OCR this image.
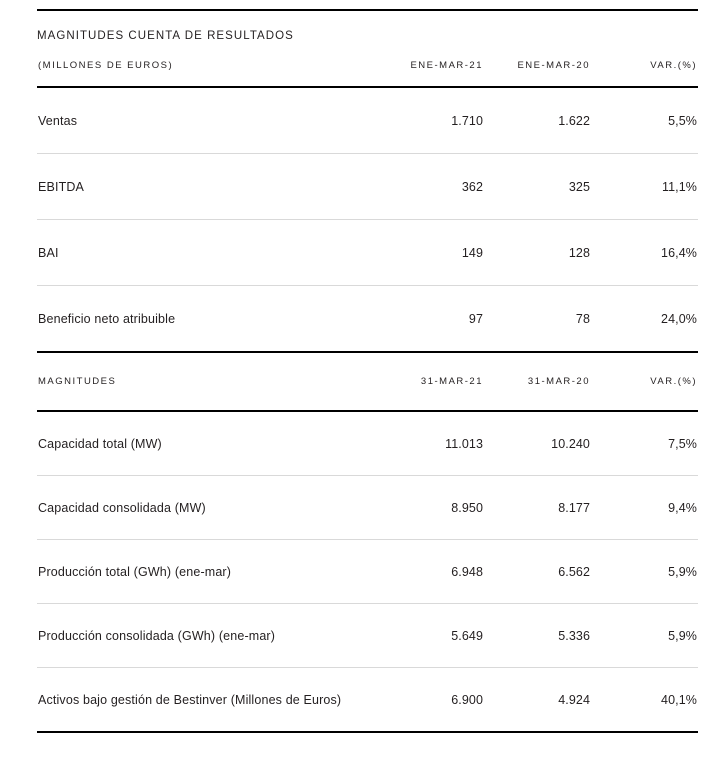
MAGNITUDES CUENTA DE RESULTADOS
(MILLONES DE EUROS)	ENE-MAR-21	ENE-MAR-20	VAR.(%)

Ventas	1.710	1.622	5,5%

EBITDA	362	325	11,1%

BAI	149	128	16,4%

Beneficio neto atribuible	97	78	24,0%
MAGNITUDES	31-MAR-21	31-MAR-20	VAR.(%)

Capacidad total (MW)	11.013	10.240	7,5%

Capacidad consolidada (MW)	8.950	8.177	9,4%

Producción total (GWh) (ene-mar)	6.948	6.562	5,9%

Producción consolidada (GWh) (ene-mar)	5.649	5.336	5,9%

Activos bajo gestión de Bestinver (Millones de Euros)	6.900	4.924	40,1%
